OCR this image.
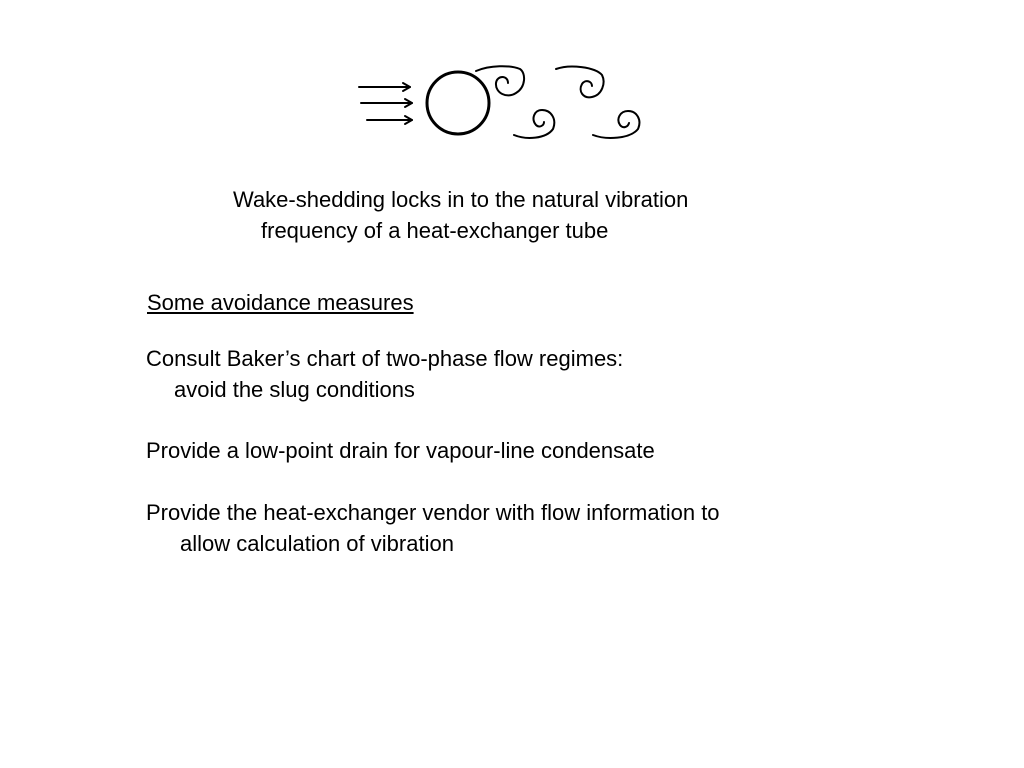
Wake-shedding locks in to the natural vibration

frequency of a heat-exchanger tube

Some avoidance measures

Consult Baker’s chart of two-phase flow regimes:

avoid the slug conditions

Provide a low-point drain for vapour-line condensate

Provide the heat-exchanger vendor with flow information to

allow calculation of vibration
